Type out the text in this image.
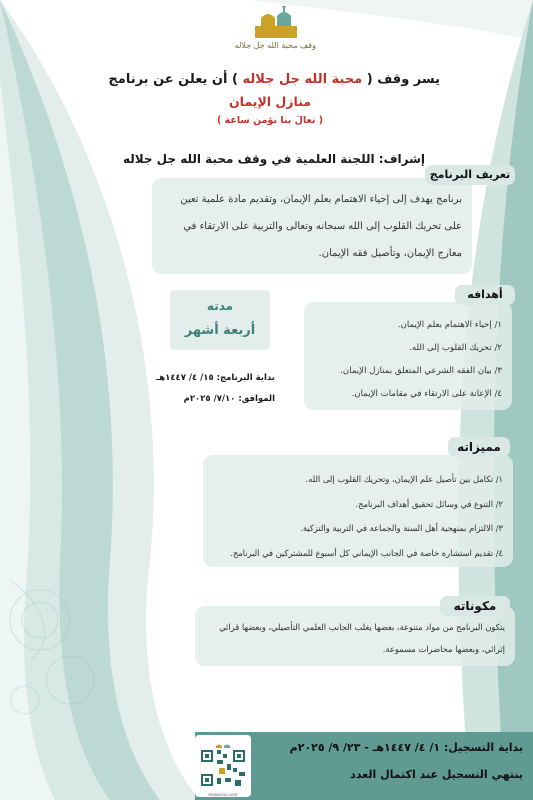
وقف محبة الله جل جلاله
يسر وقف ( محبة الله جل جلاله ) أن يعلن عن برنامج
منازل الإيمان
( تعالَ بنا نؤمن ساعة )
إشراف: اللجنة العلمية في وقف محبة الله جل جلاله

برنامج يهدف إلى إحياء الاهتمام بعلم الإيمان، وتقديم مادة علمية تعين على تحريك القلوب إلى الله سبحانه وتعالى والتربية على الارتقاء في معارج الإيمان، وتأصيل فقه الإيمان.

تعريف البرنامج
١/ إحياء الاهتمام بعلم الإيمان.
٢/ تحريك القلوب إلى الله.
٣/ بيان الفقه الشرعي المتعلق بمنازل الإيمان.
٤/ الإعانة على الارتقاء في مقامات الإيمان.
أهدافه
مدته
أربعة أشهر
بداية البرنامج: ١٥/ ٤/ ١٤٤٧هـ
الموافق: ٧/١٠/ ٢٠٢٥م
١/ تكامل بين تأصيل علم الإيمان، وتحريك القلوب إلى الله.
٢/ التنوع في وسائل تحقيق أهداف البرنامج.
٣/ الالتزام بمنهجية أهل السنة والجماعة في التربية والتزكية.
٤/ تقديم استشارة خاصة في الجانب الإيماني كل أسبوع للمشتركين في البرنامج.
مميزاته

يتكون البرنامج من مواد متنوعة، بعضها يغلب الجانب العلمي التأصيلي، وبعضها قرائي إثرائي، وبعضها محاضرات مسموعة.

مكوناته
@MHABATALLAH
بداية التسجيل: ١/ ٤/ ١٤٤٧هـ - ٢٣/ ٩/ ٢٠٢٥م
ينتهي التسجيل عند اكتمال العدد
